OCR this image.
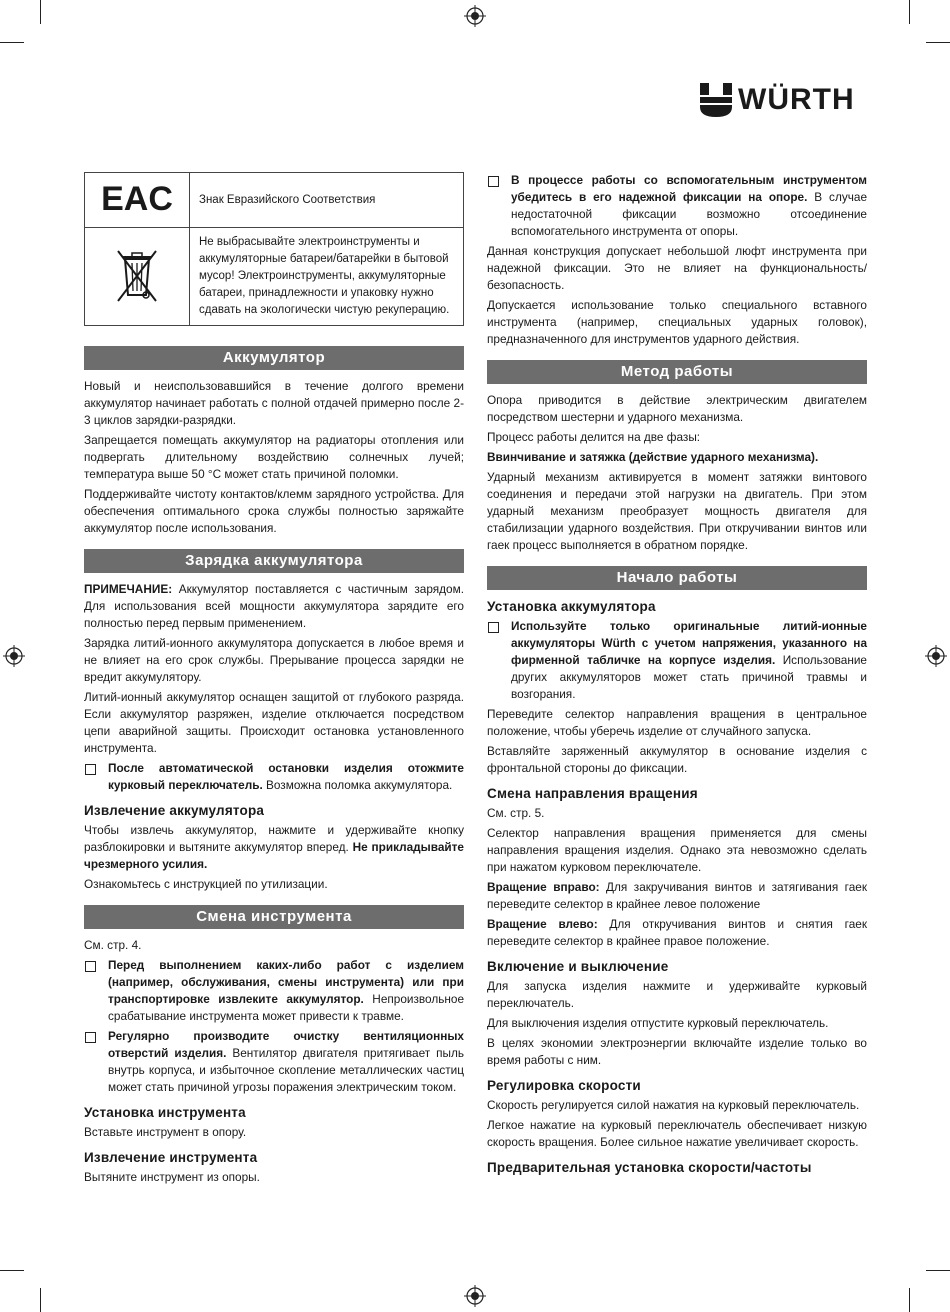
WÜRTH
EAC	Знак Евразийского Соответствия
	Не выбрасывайте электроинструменты и аккумуляторные батареи/батарейки в бытовой мусор! Электроинструменты, аккумуляторные батареи, принадлежности и упаковку нужно сдавать на экологически чистую рекуперацию.
Аккумулятор

Новый и неиспользовавшийся в течение долгого времени аккумулятор начинает работать с полной отдачей примерно после 2-3 циклов зарядки-разрядки.

Запрещается помещать аккумулятор на радиаторы отопления или подвергать длительному воздействию солнечных лучей; температура выше 50 °C может стать причиной поломки.

Поддерживайте чистоту контактов/клемм зарядного устройства. Для обеспечения оптимального срока службы полностью заряжайте аккумулятор после использования.

Зарядка аккумулятора

ПРИМЕЧАНИЕ: Аккумулятор поставляется с частичным зарядом. Для использования всей мощности аккумулятора зарядите его полностью перед первым применением.

Зарядка литий-ионного аккумулятора допускается в любое время и не влияет на его срок службы. Прерывание процесса зарядки не вредит аккумулятору.

Литий-ионный аккумулятор оснащен защитой от глубокого разряда. Если аккумулятор разряжен, изделие отключается посредством цепи аварийной защиты. Происходит остановка установленного инструмента.

После автоматической остановки изделия отожмите курковый переключатель. Возможна поломка аккумулятора.

Извлечение аккумулятора

Чтобы извлечь аккумулятор, нажмите и удерживайте кнопку разблокировки и вытяните аккумулятор вперед. Не прикладывайте чрезмерного усилия.

Ознакомьтесь с инструкцией по утилизации.

Смена инструмента

См. стр. 4.

Перед выполнением каких-либо работ с изделием (например, обслуживания, смены инструмента) или при транспортировке извлеките аккумулятор. Непроизвольное срабатывание инструмента может привести к травме.

Регулярно производите очистку вентиляционных отверстий изделия. Вентилятор двигателя притягивает пыль внутрь корпуса, и избыточное скопление металлических частиц может стать причиной угрозы поражения электрическим током.

Установка инструмента

Вставьте инструмент в опору.

Извлечение инструмента

Вытяните инструмент из опоры.

В процессе работы со вспомогательным инструментом убедитесь в его надежной фиксации на опоре. В случае недостаточной фиксации возможно отсоединение вспомогательного инструмента от опоры.

Данная конструкция допускает небольшой люфт инструмента при надежной фиксации. Это не влияет на функциональность/безопасность.

Допускается использование только специального вставного инструмента (например, специальных ударных головок), предназначенного для инструментов ударного действия.

Метод работы

Опора приводится в действие электрическим двигателем посредством шестерни и ударного механизма.

Процесс работы делится на две фазы:

Ввинчивание и затяжка (действие ударного механизма).

Ударный механизм активируется в момент затяжки винтового соединения и передачи этой нагрузки на двигатель. При этом ударный механизм преобразует мощность двигателя для стабилизации ударного воздействия. При откручивании винтов или гаек процесс выполняется в обратном порядке.

Начало работы
Установка аккумулятора

Используйте только оригинальные литий-ионные аккумуляторы Würth с учетом напряжения, указанного на фирменной табличке на корпусе изделия. Использование других аккумуляторов может стать причиной травмы и возгорания.

Переведите селектор направления вращения в центральное положение, чтобы уберечь изделие от случайного запуска.

Вставляйте заряженный аккумулятор в основание изделия с фронтальной стороны до фиксации.

Смена направления вращения

См. стр. 5.

Селектор направления вращения применяется для смены направления вращения изделия. Однако эта невозможно сделать при нажатом курковом переключателе.

Вращение вправо: Для закручивания винтов и затягивания гаек переведите селектор в крайнее левое положение

Вращение влево: Для откручивания винтов и снятия гаек переведите селектор в крайнее правое положение.

Включение и выключение

Для запуска изделия нажмите и удерживайте курковый переключатель.

Для выключения изделия отпустите курковый переключатель.

В целях экономии электроэнергии включайте изделие только во время работы с ним.

Регулировка скорости

Скорость регулируется силой нажатия на курковый переключатель.

Легкое нажатие на курковый переключатель обеспечивает низкую скорость вращения. Более сильное нажатие увеличивает скорость.

Предварительная установка скорости/частоты
